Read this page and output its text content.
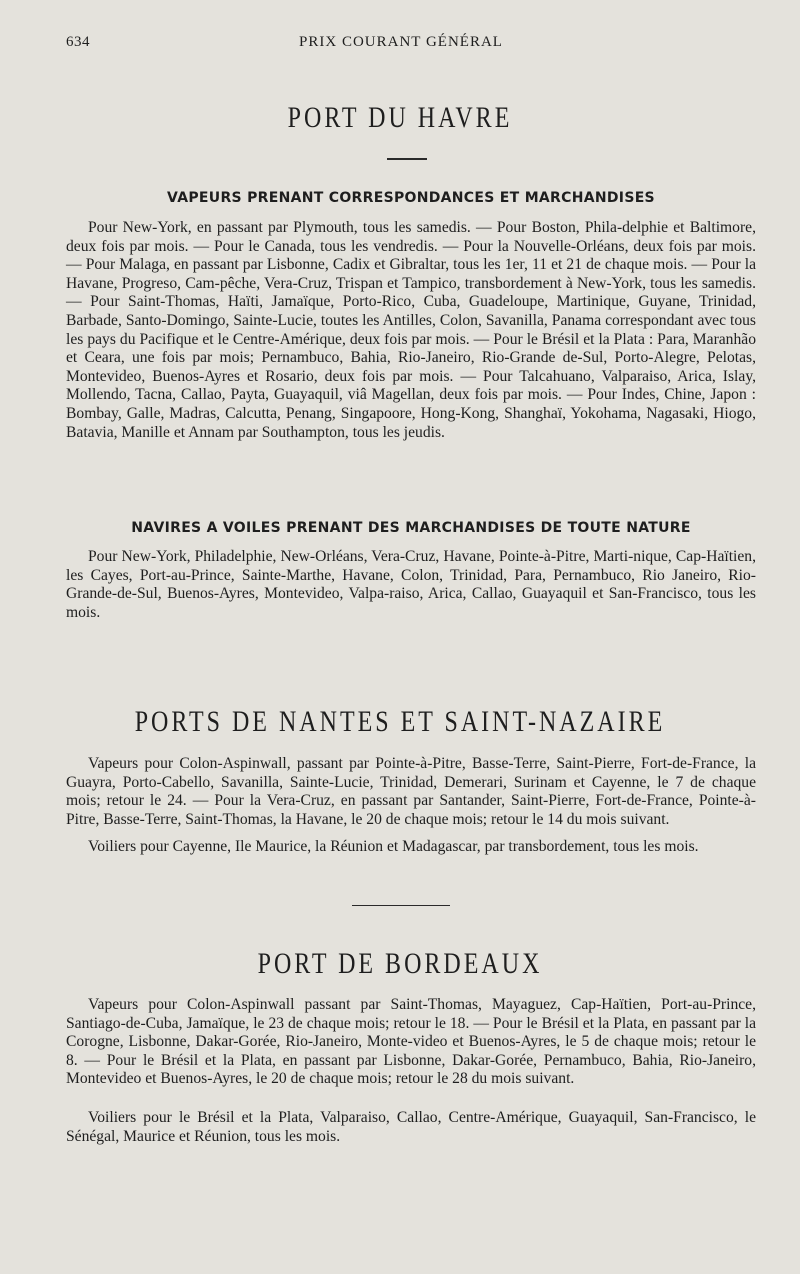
634	PRIX COURANT GÉNÉRAL
PORT DU HAVRE
VAPEURS PRENANT CORRESPONDANCES ET MARCHANDISES

Pour New-York, en passant par Plymouth, tous les samedis. — Pour Boston, Phila-delphie et Baltimore, deux fois par mois. — Pour le Canada, tous les vendredis. — Pour la Nouvelle-Orléans, deux fois par mois. — Pour Malaga, en passant par Lisbonne, Cadix et Gibraltar, tous les 1er, 11 et 21 de chaque mois. — Pour la Havane, Progreso, Cam-pêche, Vera-Cruz, Trispan et Tampico, transbordement à New-York, tous les samedis.— Pour Saint-Thomas, Haïti, Jamaïque, Porto-Rico, Cuba, Guadeloupe, Martinique, Guyane, Trinidad, Barbade, Santo-Domingo, Sainte-Lucie, toutes les Antilles, Colon, Savanilla, Panama correspondant avec tous les pays du Pacifique et le Centre-Amérique, deux fois par mois. — Pour le Brésil et la Plata : Para, Maranhão et Ceara, une fois par mois; Pernambuco, Bahia, Rio-Janeiro, Rio-Grande de-Sul, Porto-Alegre, Pelotas, Montevideo, Buenos-Ayres et Rosario, deux fois par mois. — Pour Talcahuano, Valparaiso, Arica, Islay, Mollendo, Tacna, Callao, Payta, Guayaquil, viâ Magellan, deux fois par mois. — Pour Indes, Chine, Japon : Bombay, Galle, Madras, Calcutta, Penang, Singapoore, Hong-Kong, Shanghaï, Yokohama, Nagasaki, Hiogo, Batavia, Manille et Annam par Southampton, tous les jeudis.

NAVIRES A VOILES PRENANT DES MARCHANDISES DE TOUTE NATURE

Pour New-York, Philadelphie, New-Orléans, Vera-Cruz, Havane, Pointe-à-Pitre, Marti-nique, Cap-Haïtien, les Cayes, Port-au-Prince, Sainte-Marthe, Havane, Colon, Trinidad, Para, Pernambuco, Rio Janeiro, Rio-Grande-de-Sul, Buenos-Ayres, Montevideo, Valpa-raiso, Arica, Callao, Guayaquil et San-Francisco, tous les mois.

PORTS DE NANTES ET SAINT-NAZAIRE

Vapeurs pour Colon-Aspinwall, passant par Pointe-à-Pitre, Basse-Terre, Saint-Pierre, Fort-de-France, la Guayra, Porto-Cabello, Savanilla, Sainte-Lucie, Trinidad, Demerari, Surinam et Cayenne, le 7 de chaque mois; retour le 24. — Pour la Vera-Cruz, en passant par Santander, Saint-Pierre, Fort-de-France, Pointe-à-Pitre, Basse-Terre, Saint-Thomas, la Havane, le 20 de chaque mois; retour le 14 du mois suivant.

Voiliers pour Cayenne, Ile Maurice, la Réunion et Madagascar, par transbordement, tous les mois.

PORT DE BORDEAUX

Vapeurs pour Colon-Aspinwall passant par Saint-Thomas, Mayaguez, Cap-Haïtien, Port-au-Prince, Santiago-de-Cuba, Jamaïque, le 23 de chaque mois; retour le 18. — Pour le Brésil et la Plata, en passant par la Corogne, Lisbonne, Dakar-Gorée, Rio-Janeiro, Monte-video et Buenos-Ayres, le 5 de chaque mois; retour le 8. — Pour le Brésil et la Plata, en passant par Lisbonne, Dakar-Gorée, Pernambuco, Bahia, Rio-Janeiro, Montevideo et Buenos-Ayres, le 20 de chaque mois; retour le 28 du mois suivant.

Voiliers pour le Brésil et la Plata, Valparaiso, Callao, Centre-Amérique, Guayaquil, San-Francisco, le Sénégal, Maurice et Réunion, tous les mois.
